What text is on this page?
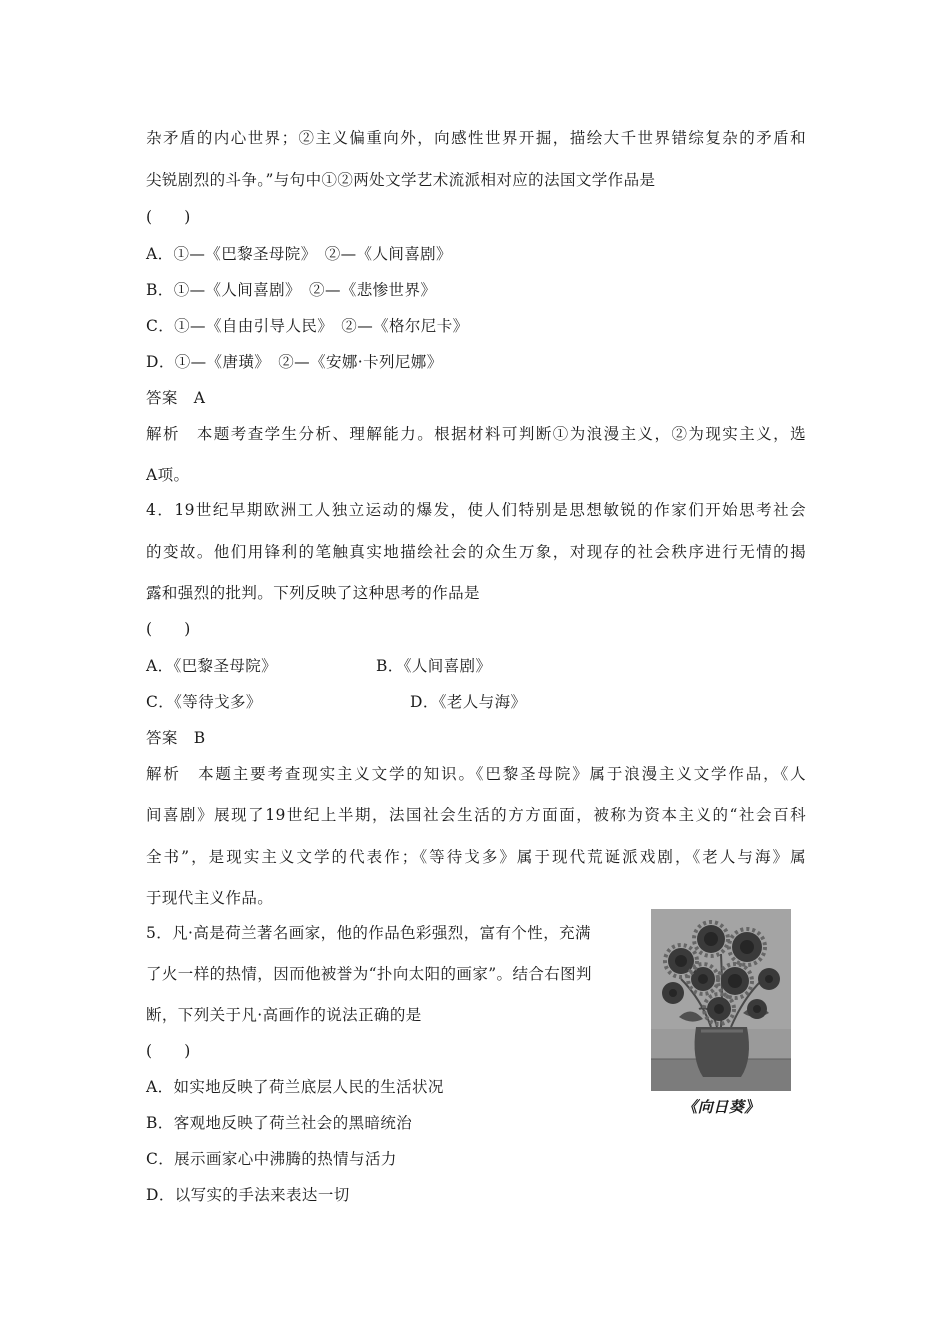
杂矛盾的内心世界；②主义偏重向外，向感性世界开掘，描绘大千世界错综复杂的矛盾和
尖锐剧烈的斗争。”与句中①②两处文学艺术流派相对应的法国文学作品是
(　　)
A．①—《巴黎圣母院》　②—《人间喜剧》
B．①—《人间喜剧》　②—《悲惨世界》
C．①—《自由引导人民》　②—《格尔尼卡》
D．①—《唐璜》　②—《安娜·卡列尼娜》
答案　A
解析　本题考查学生分析、理解能力。根据材料可判断①为浪漫主义，②为现实主义，选
A项。
4．19世纪早期欧洲工人独立运动的爆发，使人们特别是思想敏锐的作家们开始思考社会
的变故。他们用锋利的笔触真实地描绘社会的众生万象，对现存的社会秩序进行无情的揭
露和强烈的批判。下列反映了这种思考的作品是
(　　)
A．《巴黎圣母院》	B．《人间喜剧》
C．《等待戈多》	D．《老人与海》
答案　B
解析　本题主要考查现实主义文学的知识。《巴黎圣母院》属于浪漫主义文学作品，《人
间喜剧》展现了19世纪上半期，法国社会生活的方方面面，被称为资本主义的“社会百科
全书”，是现实主义文学的代表作；《等待戈多》属于现代荒诞派戏剧，《老人与海》属
于现代主义作品。
5．凡·高是荷兰著名画家，他的作品色彩强烈，富有个性，充满
了火一样的热情，因而他被誉为“扑向太阳的画家”。结合右图判
断，下列关于凡·高画作的说法正确的是
(　　)
A．如实地反映了荷兰底层人民的生活状况
B．客观地反映了荷兰社会的黑暗统治
C．展示画家心中沸腾的热情与活力
D．以写实的手法来表达一切
《向日葵》
